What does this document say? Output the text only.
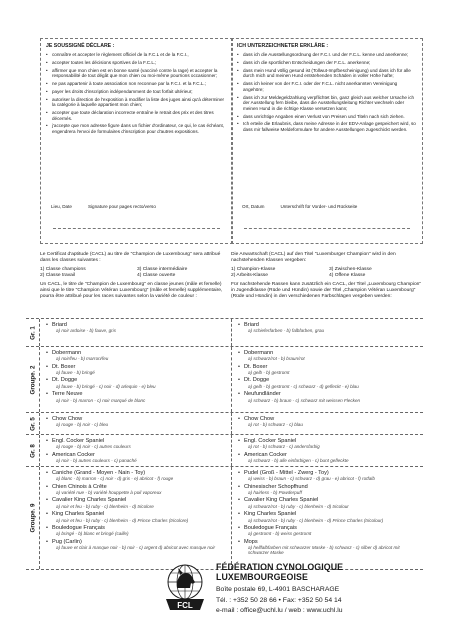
JE SOUSSIGNÉ DÉCLARE :
• connaître et accepter le règlement officiel de la F.C.L et de la F.C.I.,
• accepter toutes les décisions sportives de la F.C.L.;
• affirmer que mon chien est en bonne santé (vacciné contre la rage) et accepter la responsabilité de tout dégât que mon chien ou moi-même pourrions occasionner;
• ne pas appartenir à toute association non reconnue par la F.C.I. et la F.C.L.;
• payer les droits d'inscription indépendamment de tout forfait ultérieur;
• autoriser la direction de l'exposition à modifier la liste des juges ainsi qu'à déterminer la catégorie à laquelle appartient mon chien;
• accepter que toute déclaration incorrecte entraîne le retrait des prix et des titres décernés.
• j'accepte que mon adresse figure dans un fichier d'ordinateur, ce qui, le cas échéant, engendrera l'envoi de formulaires d'inscription pour d'autres expositions.
Lieu, Date	Signature pour pages recto/verso
ICH UNTERZEICHNETER ERKLÄRE :
• dass ich die Ausstellungsordnung der F.C.I. und der F.C.L. kenne und anerkenne;
• dass ich die sportlichen Entscheidungen der F.C.L. anerkenne;
• dass mein Hund völlig gesund ist (Tollwut-Impfbescheinigung) und dass ich für alle durch mich und meinen Hund entstehenden Schäden in voller Höhe hafte;
• dass ich keiner von der F.C.I. oder der F.C.L. nicht anerkannten Vereinigung angehöre;
• dass ich zur Meldegeldzahlung verpflichtet bin, ganz gleich aus welcher Ursache ich der Ausstellung fern bleibe, dass die Ausstellungsleitung Richter wechseln oder meinen Hund in die richtige Klasse versetzen kann;
• dass unrichtige Angaben einen Verlust von Preisen und Titeln nach sich ziehen.
• Ich erteile die Erlaubnis, dass meine Adresse in der EDV-Anlage gespeichert wird, so dass mir fallweise Meldeformulare für andere Ausstellungen zugeschickt werden.
Ort, Datum	Unterschrift für Vorder- und Rückseite

Le Certificat d'aptitude (CACL) au titre de "Champion de Luxembourg" sera attribué dans les classes suivantes :

1) Classe champions	3) Classe intermédiaire
2) Classe travail	4) Classe ouverte

Un CACL, le titre de "Champion de Luxembourg" en classe jeunes (mâle et femelle) ainsi que le titre "Champion Vétéran Luxembourg" (mâle et femelle) supplémentaire, pourra être attribué pour les races suivantes selon la variété de couleur :

Die Anwartschaft (CACL) auf den Titel "Luxemburger Champion" wird in den nachstehenden Klassen vergeben:

1) Champion-Klasse	3) Zwischen-Klasse
2) Arbeits-Klasse	4) Offene Klasse

Für nachstehende Rassen kann zusätzlich ein CACL, der Titel „Luxembourg Champion" in Jugendklasse (Rüde und Hündin) sowie der Titel „Champion Vétéran Luxembourg" (Rüde und Hündin) in den verschiedenen Farbschlägen vergeben werden:

Gr. 1
• Briard
a) noir ardoise - b) fauve, gris
• Briard
a) schieferfarben - b) falbfarben, grau
Groupe. 2
• Dobermann
a) noir/feu - b) marron/feu
• Dt. Boxer
a) fauve - b) bringé
• Dt. Dogge
a) fauve - b) bringé - c) noir - d) arlequin - e) bleu
• Terre Neuve
a) noir - b) marron - c) noir marqué de blanc
• Dobermann
a) schwarz/rot - b) braun/rot
• Dt. Boxer
a) gelb - b) gestromt
• Dt. Dogge
a) gelb - b) gestromt - c) schwarz - d) gefleckt - e) blau
• Neufundländer
a) schwarz - b) braun - c) schwarz mit weissen Flecken
Gr. 5
•	Chow Chow
a) rouge - b) noir - c) bleu
• Chow Chow
a) rot - b) schwarz - c) blau
Gr. 8
• Engl. Cocker Spaniel
a) rouge - b) noir - c) autres couleurs
• American Cocker
a) noir - b) autres couleurs - c) panaché
• Engl. Cocker Spaniel
a) rot - b) schwarz - c) andersfarbig
• American Cocker
a) schwarz - b) alle einfarbigen - c) bunt gefleckte
Groupe. 9
• Caniche (Grand - Moyen - Nain - Toy)
a) blanc - b) marron - c) noir - d) gris - e) abricot - f) rouge
• Chien Chinois à Crête
a) variété nue - b) variété houppette à poil vaporeux
• Cavalier King Charles Spaniel
a) noir et feu - b) ruby - c) blenheim - d) tricolore
• King Charles Spaniel
a) noir et feu - b) ruby - c) blenheim - d) Prince Charles (tricolore)
• Bouledogue Français
a) bringé - b) blanc et bringé (caille)
• Pug (Carlin)
a) fauve et clair à masque noir - b) noir - c) argent d) abricot avec masque noir
• Pudel (Groß - Mittel - Zwerg - Toy)
a) weiss - b) braun - c) schwarz - d) grau - e) abricot - f) rotfalb
• Chinesischer Schopfhund
a) hairless - b) Powderpuff
• Cavalier King Charles Spaniel
a) schwarz/rot - b) ruby - c) blenheim - d) tricolour
• King Charles Spaniel
a) schwarz/rot - b) ruby - c) blenheim - d) Prince Charles (tricolour)
• Bouledogue Français
a) gestromt - b) weiss gestromt
• Mops
a) hellfalbfarben mit schwarzer Maske - b) schwarz - c) silber d) abricot mit schwarzer Maske
FCL
FÉDÉRATION CYNOLOGIQUE LUXEMBOURGEOISE
Boîte postale 69, L-4901 BASCHARAGE
Tél. : +352 50 28 66 • Fax: +352 50 54 14
e-mail : office@uchl.lu / web : www.uchl.lu
